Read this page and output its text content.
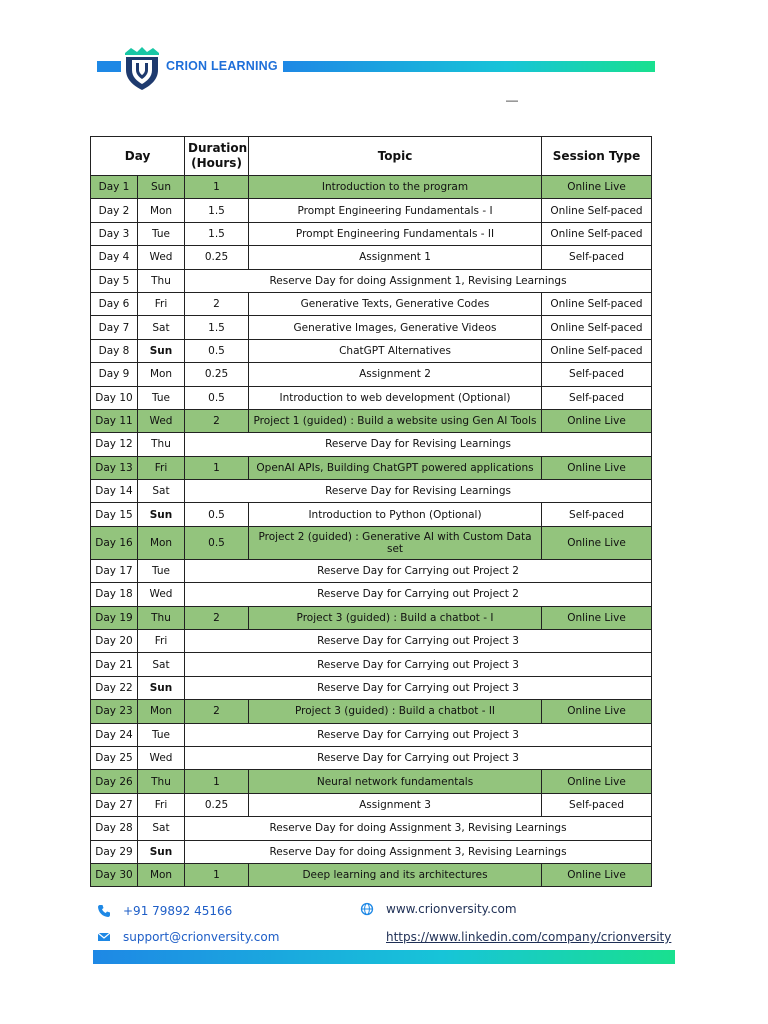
CRION LEARNING
—
Day		Duration (Hours)	Topic	Session Type
Day 1	Sun	1	Introduction to the program	Online Live
Day 2	Mon	1.5	Prompt Engineering Fundamentals - I	Online Self-paced
Day 3	Tue	1.5	Prompt Engineering Fundamentals - II	Online Self-paced
Day 4	Wed	0.25	Assignment 1	Self-paced
Day 5	Thu	Reserve Day for doing Assignment 1, Revising Learnings		
Day 6	Fri	2	Generative Texts, Generative Codes	Online Self-paced
Day 7	Sat	1.5	Generative Images, Generative Videos	Online Self-paced
Day 8	Sun	0.5	ChatGPT Alternatives	Online Self-paced
Day 9	Mon	0.25	Assignment 2	Self-paced
Day 10	Tue	0.5	Introduction to web development (Optional)	Self-paced
Day 11	Wed	2	Project 1 (guided) : Build a website using Gen AI Tools	Online Live
Day 12	Thu	Reserve Day for Revising Learnings		
Day 13	Fri	1	OpenAI APIs, Building ChatGPT powered applications	Online Live
Day 14	Sat	Reserve Day for Revising Learnings		
Day 15	Sun	0.5	Introduction to Python (Optional)	Self-paced
Day 16	Mon	0.5	Project 2 (guided) : Generative AI with Custom Data set	Online Live
Day 17	Tue	Reserve Day for Carrying out Project 2		
Day 18	Wed	Reserve Day for Carrying out Project 2		
Day 19	Thu	2	Project 3 (guided) : Build a chatbot - I	Online Live
Day 20	Fri	Reserve Day for Carrying out Project 3		
Day 21	Sat	Reserve Day for Carrying out Project 3		
Day 22	Sun	Reserve Day for Carrying out Project 3		
Day 23	Mon	2	Project 3 (guided) : Build a chatbot - II	Online Live
Day 24	Tue	Reserve Day for Carrying out Project 3		
Day 25	Wed	Reserve Day for Carrying out Project 3		
Day 26	Thu	1	Neural network fundamentals	Online Live
Day 27	Fri	0.25	Assignment 3	Self-paced
Day 28	Sat	Reserve Day for doing Assignment 3, Revising Learnings		
Day 29	Sun	Reserve Day for doing Assignment 3, Revising Learnings		
Day 30	Mon	1	Deep learning and its architectures	Online Live
+91 79892 45166
support@crionversity.com
www.crionversity.com
https://www.linkedin.com/company/crionversity
